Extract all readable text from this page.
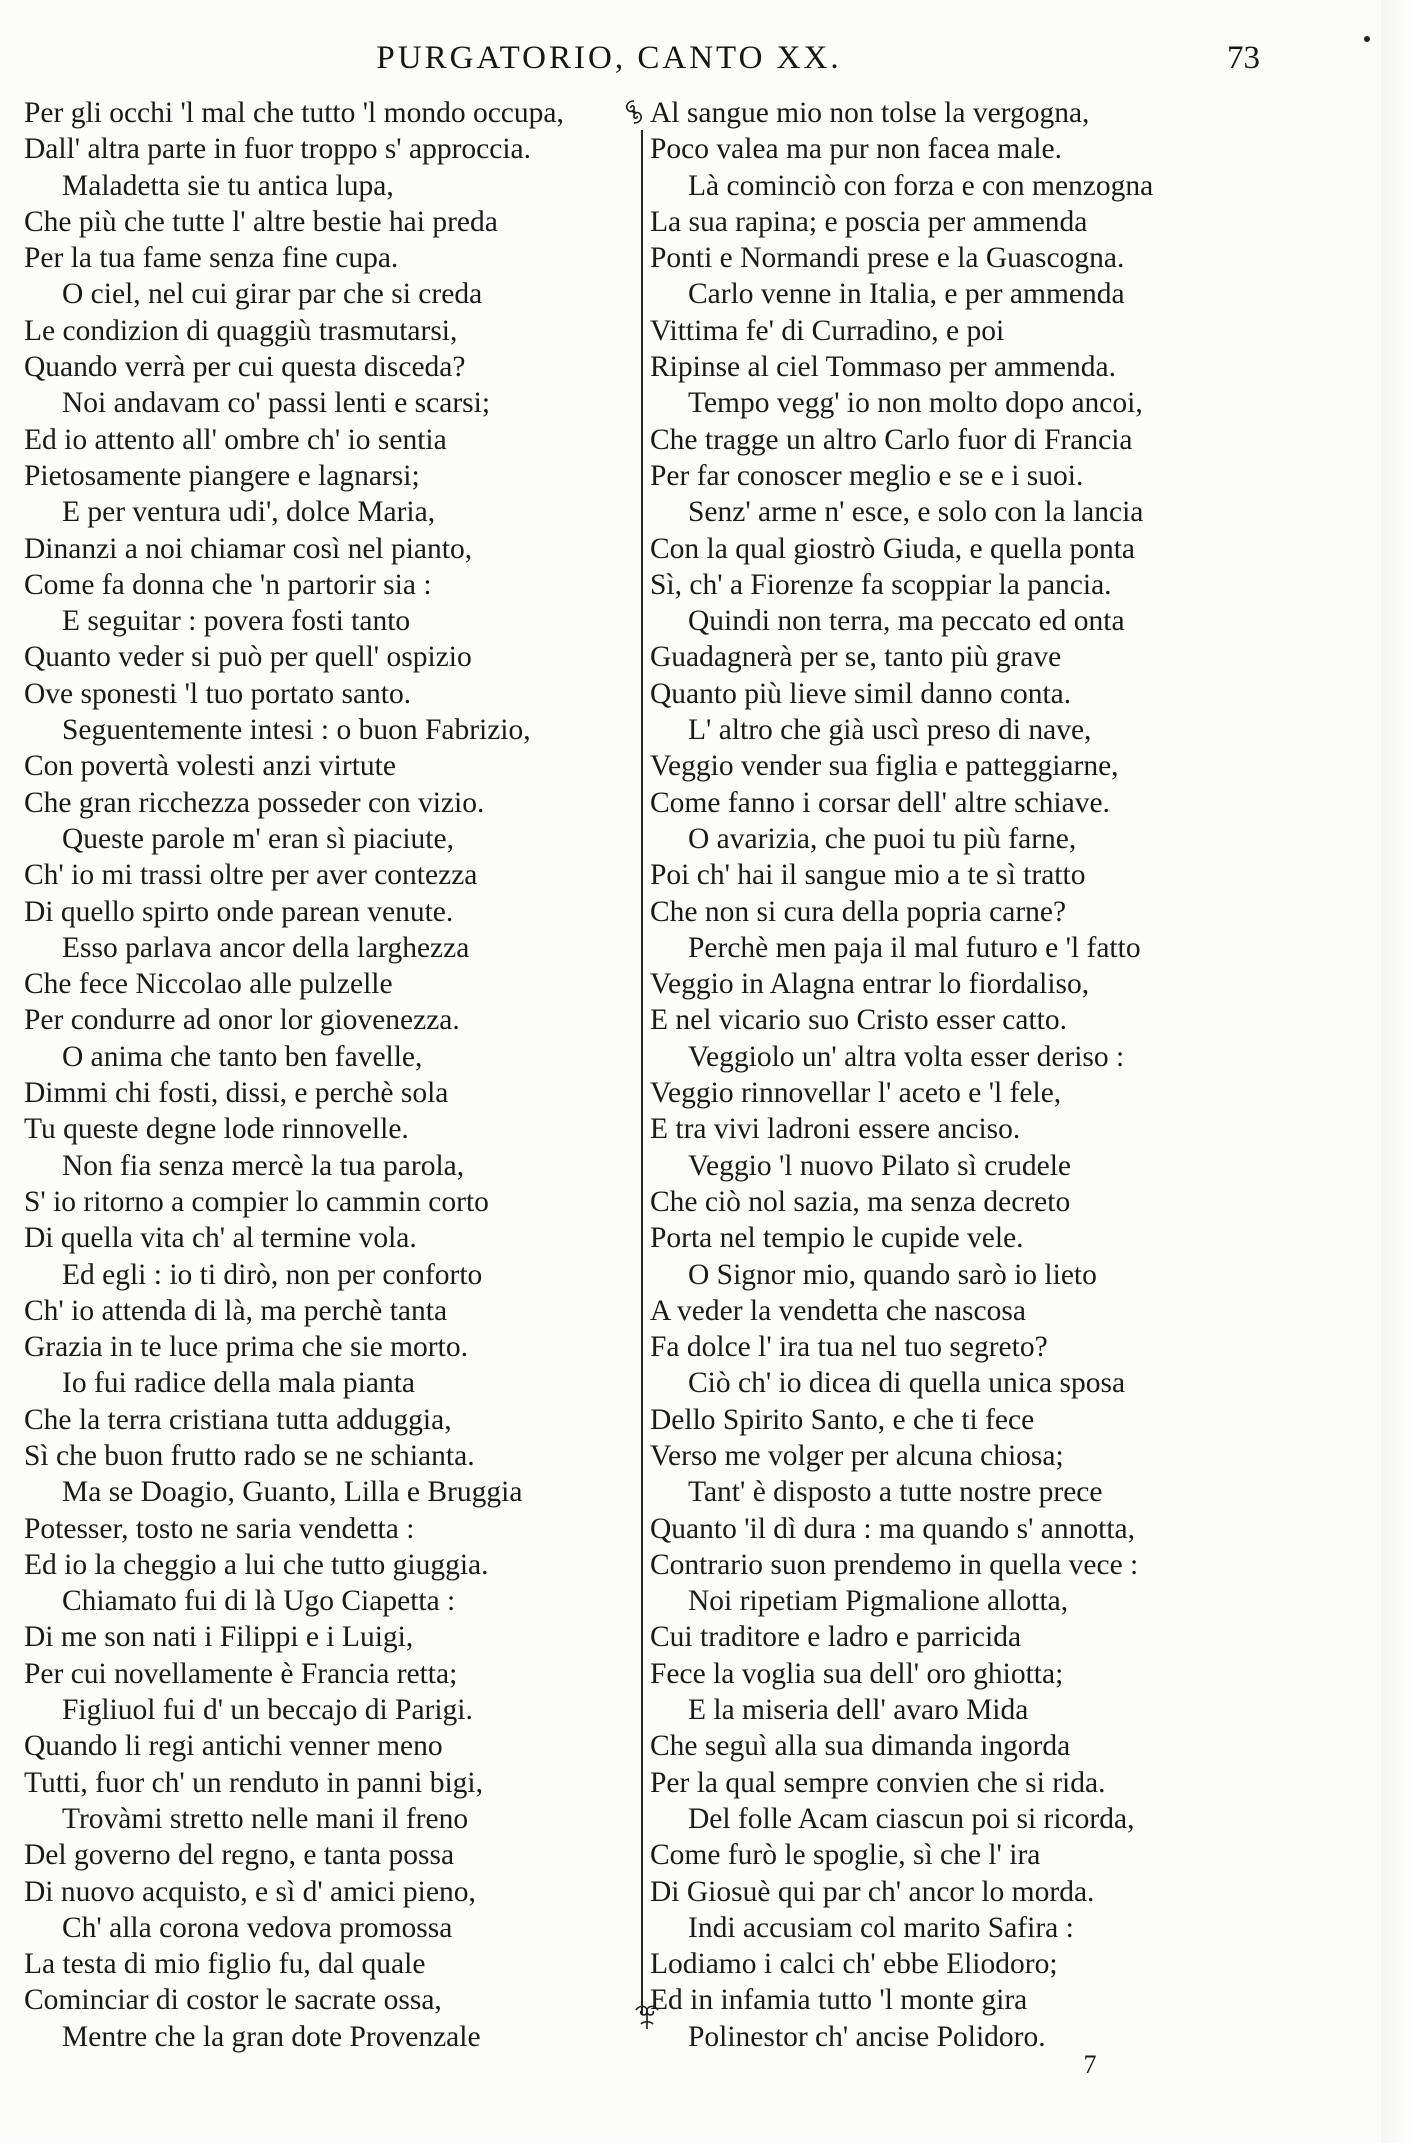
PURGATORIO, CANTO XX.	73
Per gli occhi 'l mal che tutto 'l mondo occupa,
Dall' altra parte in fuor troppo s' approccia.
Maladetta sie tu antica lupa,
Che più che tutte l' altre bestie hai preda
Per la tua fame senza fine cupa.
O ciel, nel cui girar par che si creda
Le condizion di quaggiù trasmutarsi,
Quando verrà per cui questa disceda?
Noi andavam co' passi lenti e scarsi;
Ed io attento all' ombre ch' io sentia
Pietosamente piangere e lagnarsi;
E per ventura udi', dolce Maria,
Dinanzi a noi chiamar così nel pianto,
Come fa donna che 'n partorir sia :
E seguitar : povera fosti tanto
Quanto veder si può per quell' ospizio
Ove sponesti 'l tuo portato santo.
Seguentemente intesi : o buon Fabrizio,
Con povertà volesti anzi virtute
Che gran ricchezza posseder con vizio.
Queste parole m' eran sì piaciute,
Ch' io mi trassi oltre per aver contezza
Di quello spirto onde parean venute.
Esso parlava ancor della larghezza
Che fece Niccolao alle pulzelle
Per condurre ad onor lor giovenezza.
O anima che tanto ben favelle,
Dimmi chi fosti, dissi, e perchè sola
Tu queste degne lode rinnovelle.
Non fia senza mercè la tua parola,
S' io ritorno a compier lo cammin corto
Di quella vita ch' al termine vola.
Ed egli : io ti dirò, non per conforto
Ch' io attenda di là, ma perchè tanta
Grazia in te luce prima che sie morto.
Io fui radice della mala pianta
Che la terra cristiana tutta adduggia,
Sì che buon frutto rado se ne schianta.
Ma se Doagio, Guanto, Lilla e Bruggia
Potesser, tosto ne saria vendetta :
Ed io la cheggio a lui che tutto giuggia.
Chiamato fui di là Ugo Ciapetta :
Di me son nati i Filippi e i Luigi,
Per cui novellamente è Francia retta;
Figliuol fui d' un beccajo di Parigi.
Quando li regi antichi venner meno
Tutti, fuor ch' un renduto in panni bigi,
Trovàmi stretto nelle mani il freno
Del governo del regno, e tanta possa
Di nuovo acquisto, e sì d' amici pieno,
Ch' alla corona vedova promossa
La testa di mio figlio fu, dal quale
Cominciar di costor le sacrate ossa,
Mentre che la gran dote Provenzale
Al sangue mio non tolse la vergogna,
Poco valea ma pur non facea male.
Là cominciò con forza e con menzogna
La sua rapina; e poscia per ammenda
Ponti e Normandi prese e la Guascogna.
Carlo venne in Italia, e per ammenda
Vittima fe' di Curradino, e poi
Ripinse al ciel Tommaso per ammenda.
Tempo vegg' io non molto dopo ancoi,
Che tragge un altro Carlo fuor di Francia
Per far conoscer meglio e se e i suoi.
Senz' arme n' esce, e solo con la lancia
Con la qual giostrò Giuda, e quella ponta
Sì, ch' a Fiorenze fa scoppiar la pancia.
Quindi non terra, ma peccato ed onta
Guadagnerà per se, tanto più grave
Quanto più lieve simil danno conta.
L' altro che già uscì preso di nave,
Veggio vender sua figlia e patteggiarne,
Come fanno i corsar dell' altre schiave.
O avarizia, che puoi tu più farne,
Poi ch' hai il sangue mio a te sì tratto
Che non si cura della popria carne?
Perchè men paja il mal futuro e 'l fatto
Veggio in Alagna entrar lo fiordaliso,
E nel vicario suo Cristo esser catto.
Veggiolo un' altra volta esser deriso :
Veggio rinnovellar l' aceto e 'l fele,
E tra vivi ladroni essere anciso.
Veggio 'l nuovo Pilato sì crudele
Che ciò nol sazia, ma senza decreto
Porta nel tempio le cupide vele.
O Signor mio, quando sarò io lieto
A veder la vendetta che nascosa
Fa dolce l' ira tua nel tuo segreto?
Ciò ch' io dicea di quella unica sposa
Dello Spirito Santo, e che ti fece
Verso me volger per alcuna chiosa;
Tant' è disposto a tutte nostre prece
Quanto 'il dì dura : ma quando s' annotta,
Contrario suon prendemo in quella vece :
Noi ripetiam Pigmalione allotta,
Cui traditore e ladro e parricida
Fece la voglia sua dell' oro ghiotta;
E la miseria dell' avaro Mida
Che seguì alla sua dimanda ingorda
Per la qual sempre convien che si rida.
Del folle Acam ciascun poi si ricorda,
Come furò le spoglie, sì che l' ira
Di Giosuè qui par ch' ancor lo morda.
Indi accusiam col marito Safira :
Lodiamo i calci ch' ebbe Eliodoro;
Ed in infamia tutto 'l monte gira
Polinestor ch' ancise Polidoro.
7
